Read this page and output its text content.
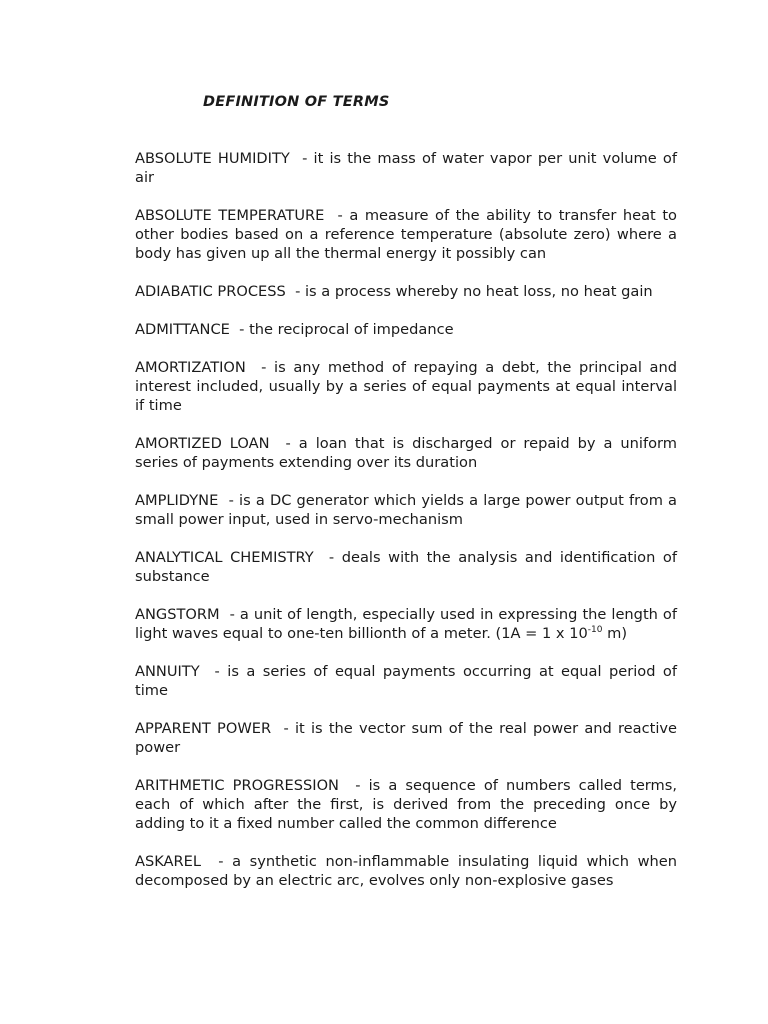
DEFINITION OF TERMS
ABSOLUTE HUMIDITY  - it is the mass of water vapor per unit volume of air
ABSOLUTE TEMPERATURE  - a measure of the ability to transfer heat to other bodies based on a reference temperature (absolute zero) where a body has given up all the thermal energy it possibly can
ADIABATIC PROCESS  - is a process whereby no heat loss, no heat gain
ADMITTANCE  - the reciprocal of impedance
AMORTIZATION  - is any method of repaying a debt, the principal and interest included, usually by a series of equal payments at equal interval if time
AMORTIZED LOAN  - a loan that is discharged or repaid by a uniform series of payments extending over its duration
AMPLIDYNE  - is a DC generator which yields a large power output from a small power input, used in servo-mechanism
ANALYTICAL CHEMISTRY  - deals with the analysis and identification of substance
ANGSTORM  - a unit of length, especially used in expressing the length of light waves equal to one-ten billionth of a meter. (1A = 1 x $10^{-10}$ m)
ANNUITY  - is a series of equal payments occurring at equal period of time
APPARENT POWER  - it is the vector sum of the real power and reactive power
ARITHMETIC PROGRESSION  - is a sequence of numbers called terms, each of which after the first, is derived from the preceding once by adding to it a fixed number called the common difference
ASKAREL  - a synthetic non-inflammable insulating liquid which when decomposed by an electric arc, evolves only non-explosive gases
